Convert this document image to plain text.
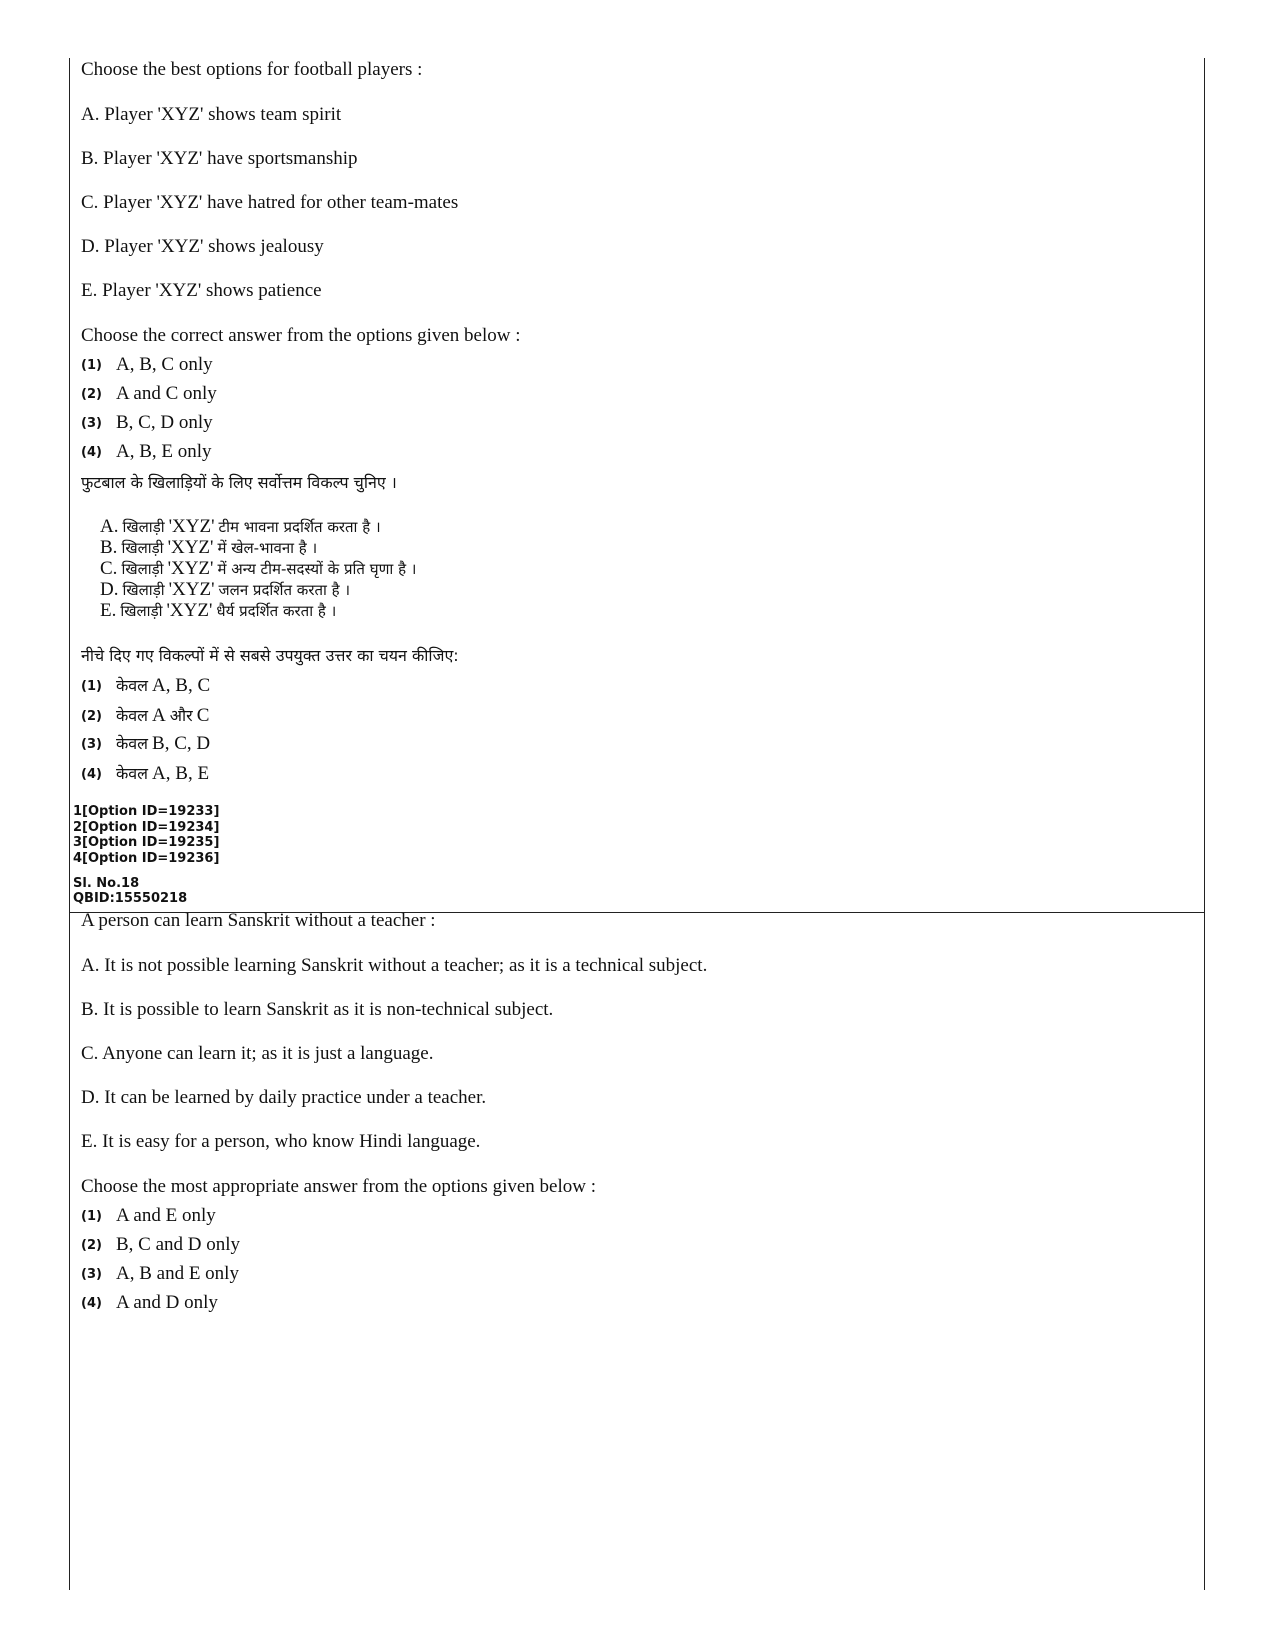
Choose the best options for football players :
A. Player 'XYZ' shows team spirit
B. Player 'XYZ' have sportsmanship
C. Player 'XYZ' have hatred for other team-mates
D. Player 'XYZ' shows jealousy
E. Player 'XYZ' shows patience
Choose the correct answer from the options given below :
(1) A, B, C only
(2) A and C only
(3) B, C, D only
(4) A, B, E only
फुटबाल के खिलाड़ियों के लिए सर्वोत्तम विकल्प चुनिए ।
A. खिलाड़ी 'XYZ' टीम भावना प्रदर्शित करता है ।
B. खिलाड़ी 'XYZ' में खेल-भावना है ।
C. खिलाड़ी 'XYZ' में अन्य टीम-सदस्यों के प्रति घृणा है ।
D. खिलाड़ी 'XYZ' जलन प्रदर्शित करता है ।
E. खिलाड़ी 'XYZ' धैर्य प्रदर्शित करता है ।
नीचे दिए गए विकल्पों में से सबसे उपयुक्त उत्तर का चयन कीजिए:
(1) केवल A, B, C
(2) केवल A और C
(3) केवल B, C, D
(4) केवल A, B, E
1[Option ID=19233]
2[Option ID=19234]
3[Option ID=19235]
4[Option ID=19236]
Sl. No.18
QBID:15550218
A person can learn Sanskrit without a teacher :
A. It is not possible learning Sanskrit without a teacher; as it is a technical subject.
B. It is possible to learn Sanskrit as it is non-technical subject.
C. Anyone can learn it; as it is just a language.
D. It can be learned by daily practice under a teacher.
E. It is easy for a person, who know Hindi language.
Choose the most appropriate answer from the options given below :
(1) A and E only
(2) B, C and D only
(3) A, B and E only
(4) A and D only
